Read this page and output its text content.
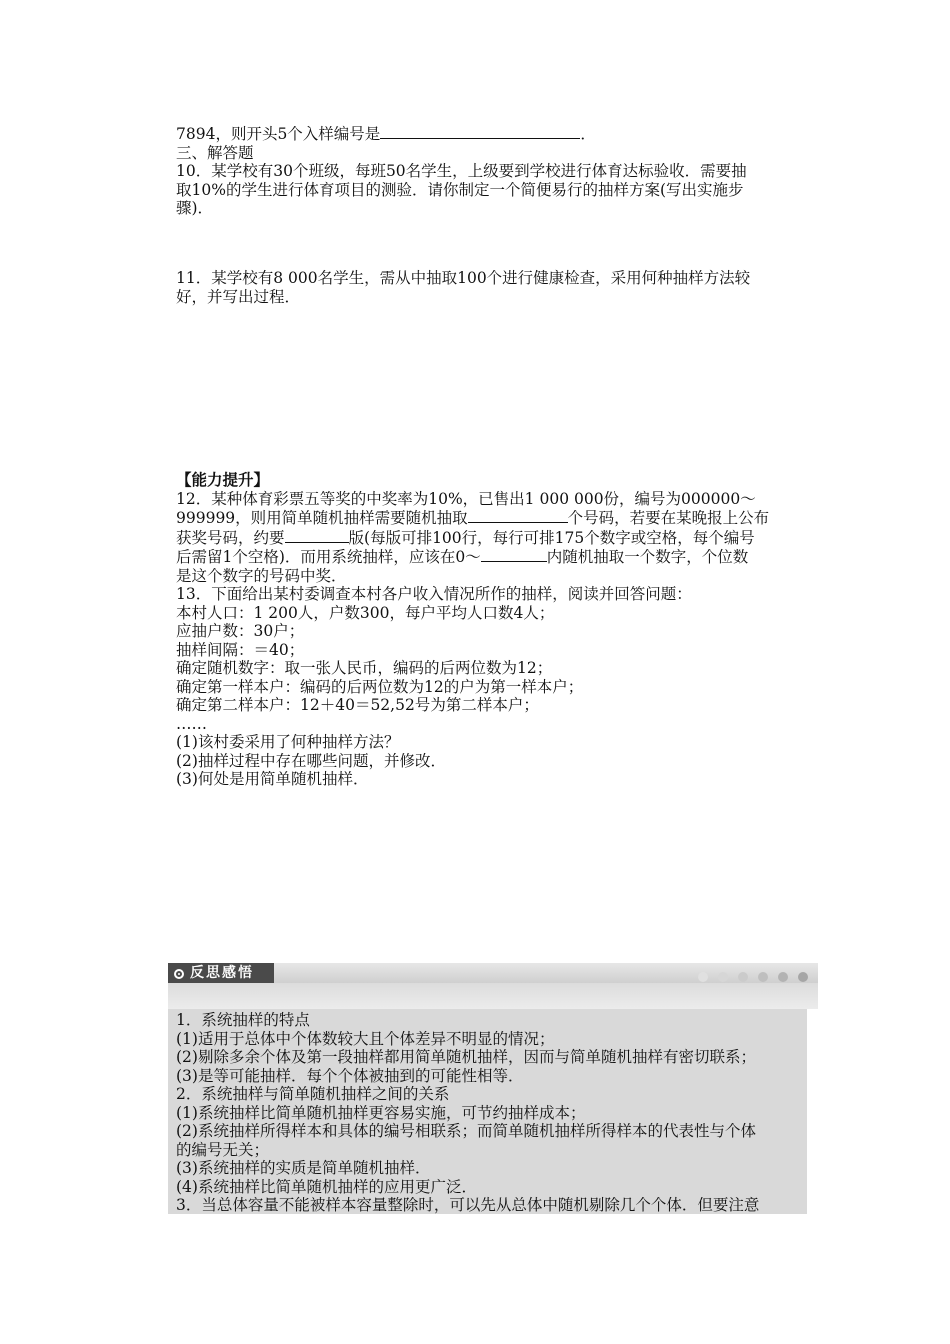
7894，则开头5个入样编号是	．
三、解答题
10．某学校有30个班级，每班50名学生，上级要到学校进行体育达标验收．需要抽
取10%的学生进行体育项目的测验．请你制定一个简便易行的抽样方案(写出实施步
骤)．
11．某学校有8 000名学生，需从中抽取100个进行健康检查，采用何种抽样方法较
好，并写出过程．
【能力提升】
12．某种体育彩票五等奖的中奖率为10%，已售出1 000 000份，编号为000000～
999999，则用简单随机抽样需要随机抽取	个号码，若要在某晚报上公布
获奖号码，约要	版(每版可排100行，每行可排175个数字或空格，每个编号
后需留1个空格)．而用系统抽样，应该在0～	内随机抽取一个数字，个位数
是这个数字的号码中奖．
13．下面给出某村委调查本村各户收入情况所作的抽样，阅读并回答问题：
本村人口：1 200人，户数300，每户平均人口数4人；
应抽户数：30户；
抽样间隔：＝40；
确定随机数字：取一张人民币，编码的后两位数为12；
确定第一样本户：编码的后两位数为12的户为第一样本户；
确定第二样本户：12＋40＝52,52号为第二样本户；
……
(1)该村委采用了何种抽样方法？
(2)抽样过程中存在哪些问题，并修改．
(3)何处是用简单随机抽样．
反思感悟
1．系统抽样的特点
(1)适用于总体中个体数较大且个体差异不明显的情况；
(2)剔除多余个体及第一段抽样都用简单随机抽样，因而与简单随机抽样有密切联系；
(3)是等可能抽样．每个个体被抽到的可能性相等．
2．系统抽样与简单随机抽样之间的关系
(1)系统抽样比简单随机抽样更容易实施，可节约抽样成本；
(2)系统抽样所得样本和具体的编号相联系；而简单随机抽样所得样本的代表性与个体
的编号无关；
(3)系统抽样的实质是简单随机抽样．
(4)系统抽样比简单随机抽样的应用更广泛．
3．当总体容量不能被样本容量整除时，可以先从总体中随机剔除几个个体．但要注意
